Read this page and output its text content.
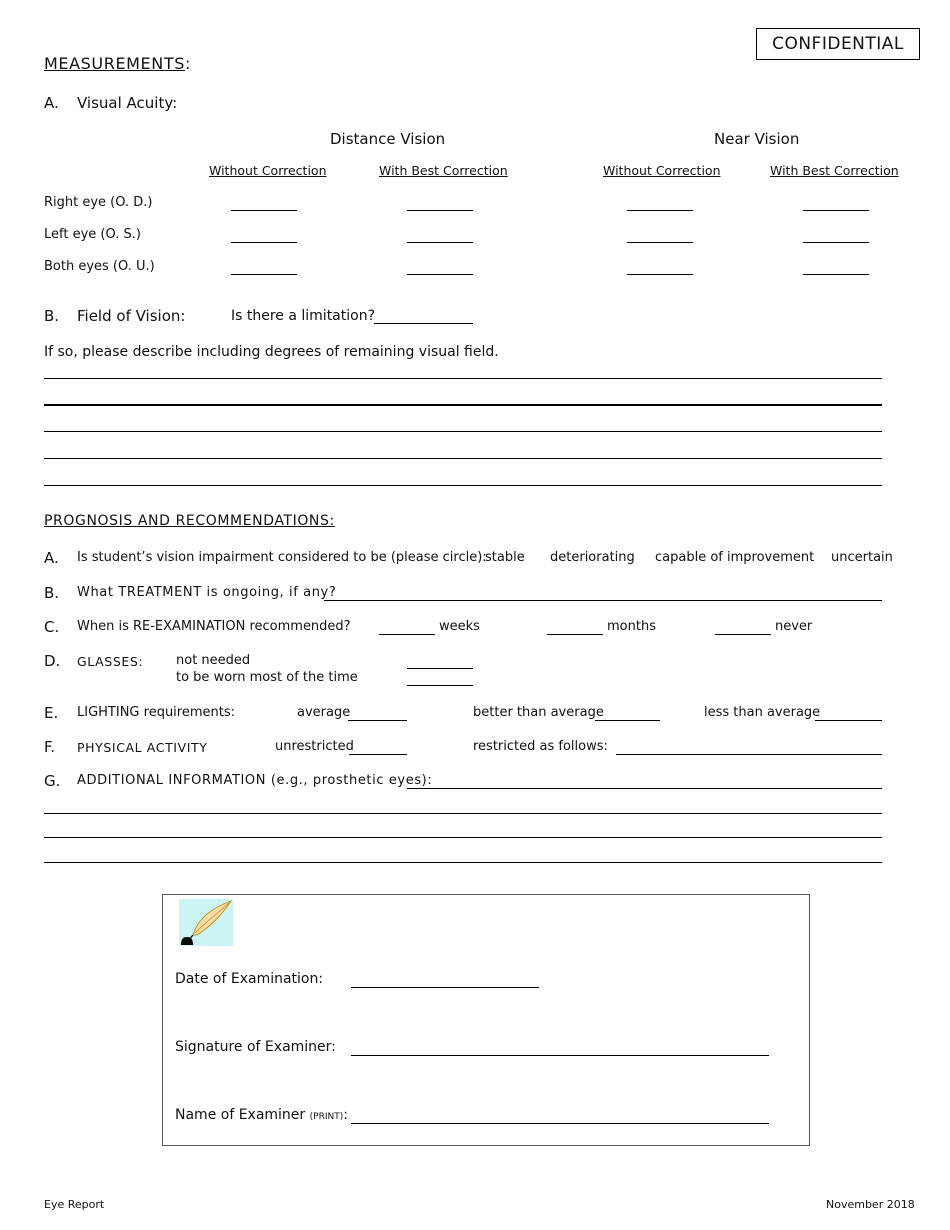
CONFIDENTIAL
MEASUREMENTS:
A. Visual Acuity:
Distance Vision	Near Vision
Without Correction	With Best Correction	Without Correction	With Best Correction
Right eye (O. D.)
Left eye (O. S.)
Both eyes (O. U.)
B. Field of Vision:	Is there a limitation?
If so, please describe including degrees of remaining visual field.
PROGNOSIS AND RECOMMENDATIONS:
A. Is student’s vision impairment considered to be (please circle):
stable deteriorating capable of improvement uncertain
B. What TREATMENT is ongoing, if any?
C. When is RE-EXAMINATION recommended?	weeks	months	never
D. GLASSES:	not needed
to be worn most of the time
E. LIGHTING requirements:	average	better than average	less than average
F. PHYSICAL ACTIVITY	unrestricted	restricted as follows:
G. ADDITIONAL INFORMATION (e.g., prosthetic eyes):
Date of Examination:
Signature of Examiner:
Name of Examiner (PRINT):
Eye Report	November 2018
